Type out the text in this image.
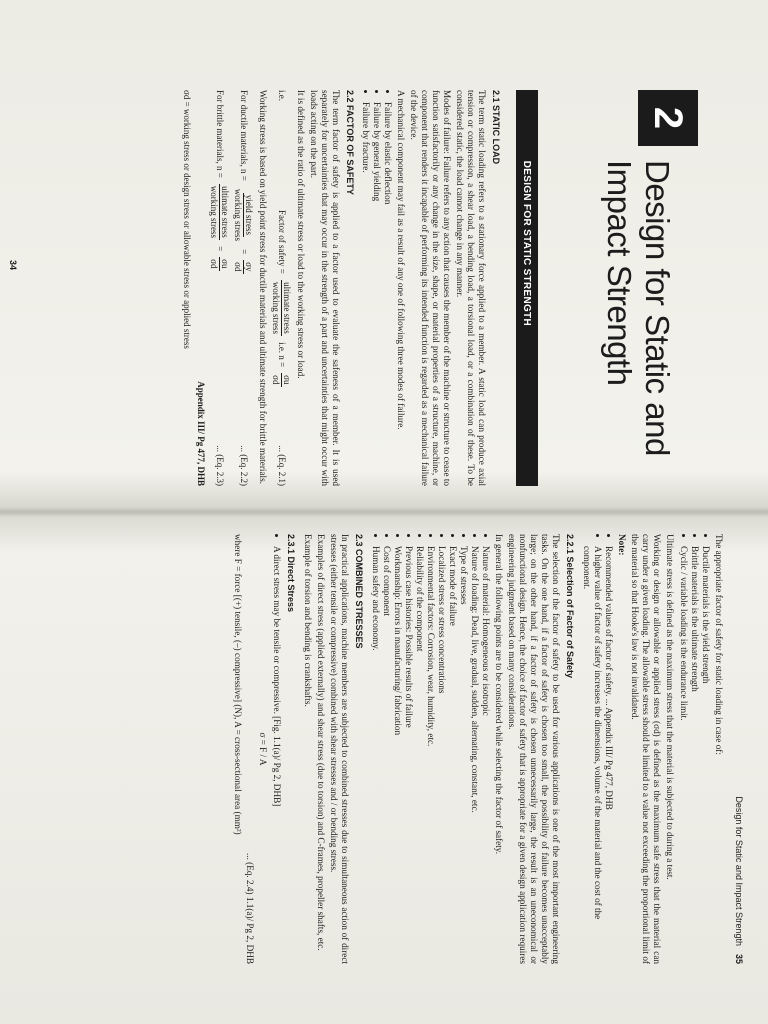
2
Design for Static and
Impact Strength
DESIGN FOR STATIC STRENGTH
2.1 STATIC LOAD

The term static loading refers to a stationary force applied to a member. A static load can produce axial tension or compression, a shear load, a bending load, a torsional load, or a combination of these. To be considered static, the load cannot change in any manner.

Modes of failure: Failure refers to any action that causes the member of the machine or structure to cease to function satisfactorily or any change in the size, shape, or material properties of a structure, machine, or component that renders it incapable of performing its intended function is regarded as a mechanical failure of the device.

A mechanical component may fail as a result of any one of following three modes of failure.

• Failure by elastic deflection
• Failure by general yielding
• Failure by fracture.
2.2 FACTOR OF SAFETY

The term factor of safety is applied to a factor used to evaluate the safeness of a member. It is used separately for uncertainties that may occur in the strength of a part and uncertainties that might occur with loads acting on the part.

It is defined as the ratio of ultimate stress or load to the working stress or load.

i.e.
Factor of safety =
ultimate stress
working stress
i.e. n =
σu
σd
... (Eq. 2.1)

Working stress is based on yield point stress for ductile materials and ultimate strength for brittle materials.

For ductile materials, n =
yield stress
working stress
=
σy
σd
... (Eq. 2.2)
For brittle materials, n =
ultimate stress
working stress
=
σu
σd
... (Eq. 2.3)
Appendix III/ Pg 477, DHB

σd = working stress or design stress or allowable stress or applied stress

34
Design for Static and Impact Strength
35

The appropriate factor of safety for static loading in case of:

• Ductile materials is the yield strength
• Brittle materials is the ultimate strength
• Cyclic / variable loading is the endurance limit.

Ultimate stress is defined as the maximum stress that the material is subjected to during a test.

Working or design or allowable or applied stress (σd) is defined as the maximum safe stress that the material can carry under a given loading. The allowable stress should be limited to a value not exceeding the proportional limit of the material so that Hooke's law is not invalidated.

Note:

• Recommended values of factor of safety. ... Appendix III/ Pg 477, DHB
• A higher value of factor of safety increases the dimensions, volume of the material and the cost of the component.
2.2.1 Selection of Factor of Safety

The selection of the factor of safety to be used for various applications is one of the most important engineering tasks. On the one hand, if a factor of safety is chosen too small, the possibility of failure becomes unacceptably large; on the other hand, if a factor of safety is chosen unnecessarily large, the result is an uneconomical or nonfunctional design. Hence, the choice of factor of safety that is appropriate for a given design application requires engineering judgment based on many considerations.

In general the following points are to be considered while selecting the factor of safety.

• Nature of material: Homogeneous or isotropic
• Nature of loading: Dead, live, gradual, sudden, alternating, constant, etc.
• Type of stresses
• Exact mode of failure
• Localized stress or stress concentrations
• Environmental factors: Corrosion, wear, humidity, etc.
• Reliability of the component
• Previous case histories: Possible results of failure
• Workmanship: Errors in manufacturing/ fabrication
• Cost of component
• Human safety and economy.
2.3 COMBINED STRESSES

In practical applications, machine members are subjected to combined stresses due to simultaneous action of direct stresses (either tensile or compressive) combined with shear stresses and / or bending stress.

Examples of direct stress (applied externally) and shear stress (due to torsion) and C-frames, propeller shafts, etc.

Example of torsion and bending is crankshafts.

2.3.1 Direct Stress
• A direct stress may be tensile or compressive. [Fig. 1.1(a)/ Pg 2, DHB]
σ = F / A
... (Eq. 2.4) 1.1(a)/ Pg 2, DHB

where F = force [(+) tensile, (–) compressive] (N), A = cross-sectional area (mm²)
